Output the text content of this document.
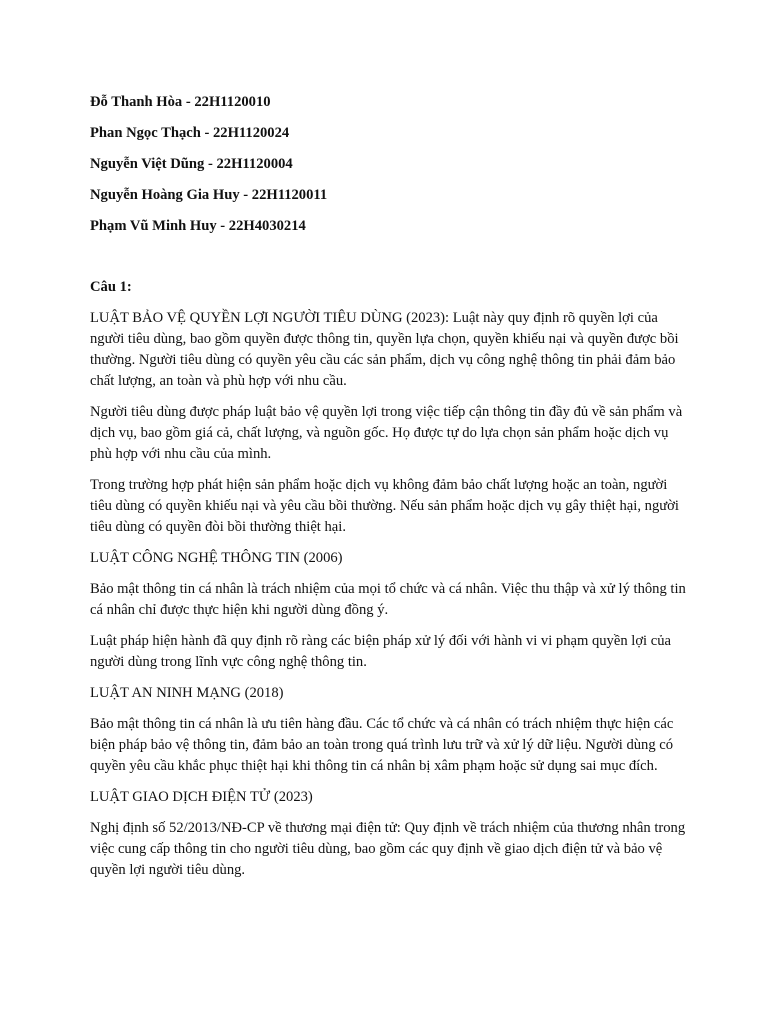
Đỗ Thanh Hòa - 22H1120010
Phan Ngọc Thạch - 22H1120024
Nguyễn Việt Dũng - 22H1120004
Nguyễn Hoàng Gia Huy - 22H1120011
Phạm Vũ Minh Huy - 22H4030214
Câu 1:

LUẬT BẢO VỆ QUYỀN LỢI NGƯỜI TIÊU DÙNG (2023): Luật này quy định rõ quyền lợi của người tiêu dùng, bao gồm quyền được thông tin, quyền lựa chọn, quyền khiếu nại và quyền được bồi thường. Người tiêu dùng có quyền yêu cầu các sản phẩm, dịch vụ công nghệ thông tin phải đảm bảo chất lượng, an toàn và phù hợp với nhu cầu.

Người tiêu dùng được pháp luật bảo vệ quyền lợi trong việc tiếp cận thông tin đầy đủ về sản phẩm và dịch vụ, bao gồm giá cả, chất lượng, và nguồn gốc. Họ được tự do lựa chọn sản phẩm hoặc dịch vụ phù hợp với nhu cầu của mình.

Trong trường hợp phát hiện sản phẩm hoặc dịch vụ không đảm bảo chất lượng hoặc an toàn, người tiêu dùng có quyền khiếu nại và yêu cầu bồi thường. Nếu sản phẩm hoặc dịch vụ gây thiệt hại, người tiêu dùng có quyền đòi bồi thường thiệt hại.

LUẬT CÔNG NGHỆ THÔNG TIN (2006)

Bảo mật thông tin cá nhân là trách nhiệm của mọi tổ chức và cá nhân. Việc thu thập và xử lý thông tin cá nhân chỉ được thực hiện khi người dùng đồng ý.

Luật pháp hiện hành đã quy định rõ ràng các biện pháp xử lý đối với hành vi vi phạm quyền lợi của người dùng trong lĩnh vực công nghệ thông tin.

LUẬT AN NINH MẠNG (2018)

Bảo mật thông tin cá nhân là ưu tiên hàng đầu. Các tổ chức và cá nhân có trách nhiệm thực hiện các biện pháp bảo vệ thông tin, đảm bảo an toàn trong quá trình lưu trữ và xử lý dữ liệu. Người dùng có quyền yêu cầu khắc phục thiệt hại khi thông tin cá nhân bị xâm phạm hoặc sử dụng sai mục đích.

LUẬT GIAO DỊCH ĐIỆN TỬ (2023)

Nghị định số 52/2013/NĐ-CP về thương mại điện tử: Quy định về trách nhiệm của thương nhân trong việc cung cấp thông tin cho người tiêu dùng, bao gồm các quy định về giao dịch điện tử và bảo vệ quyền lợi người tiêu dùng.
